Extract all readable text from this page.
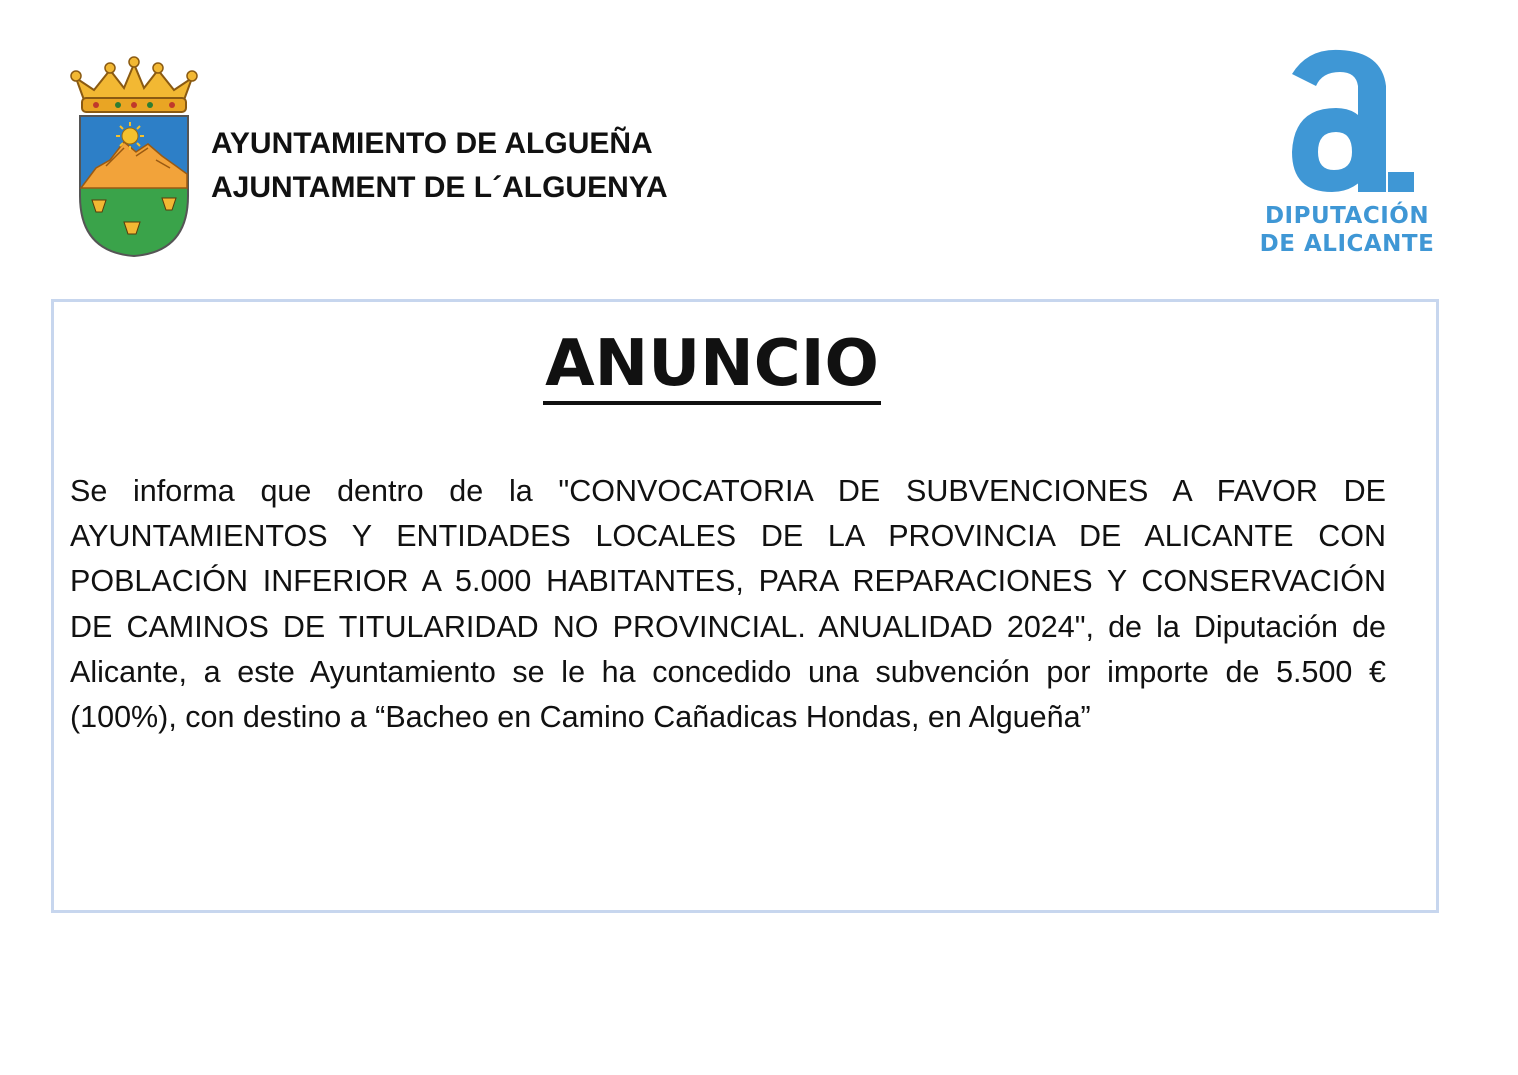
AYUNTAMIENTO DE ALGUEÑA
AJUNTAMENT DE L´ALGUENYA
DIPUTACIÓN
DE ALICANTE
ANUNCIO

Se informa que dentro de la "CONVOCATORIA DE SUBVENCIONES A FAVOR DE AYUNTAMIENTOS Y ENTIDADES LOCALES DE LA PROVINCIA DE ALICANTE CON POBLACIÓN INFERIOR A 5.000 HABITANTES, PARA REPARACIONES Y CONSERVACIÓN DE CAMINOS DE TITULARIDAD NO PROVINCIAL. ANUALIDAD 2024", de la Diputación de Alicante, a este Ayuntamiento se le ha concedido una subvención por importe de 5.500 € (100%), con destino a “Bacheo en Camino Cañadicas Hondas, en Algueña”
